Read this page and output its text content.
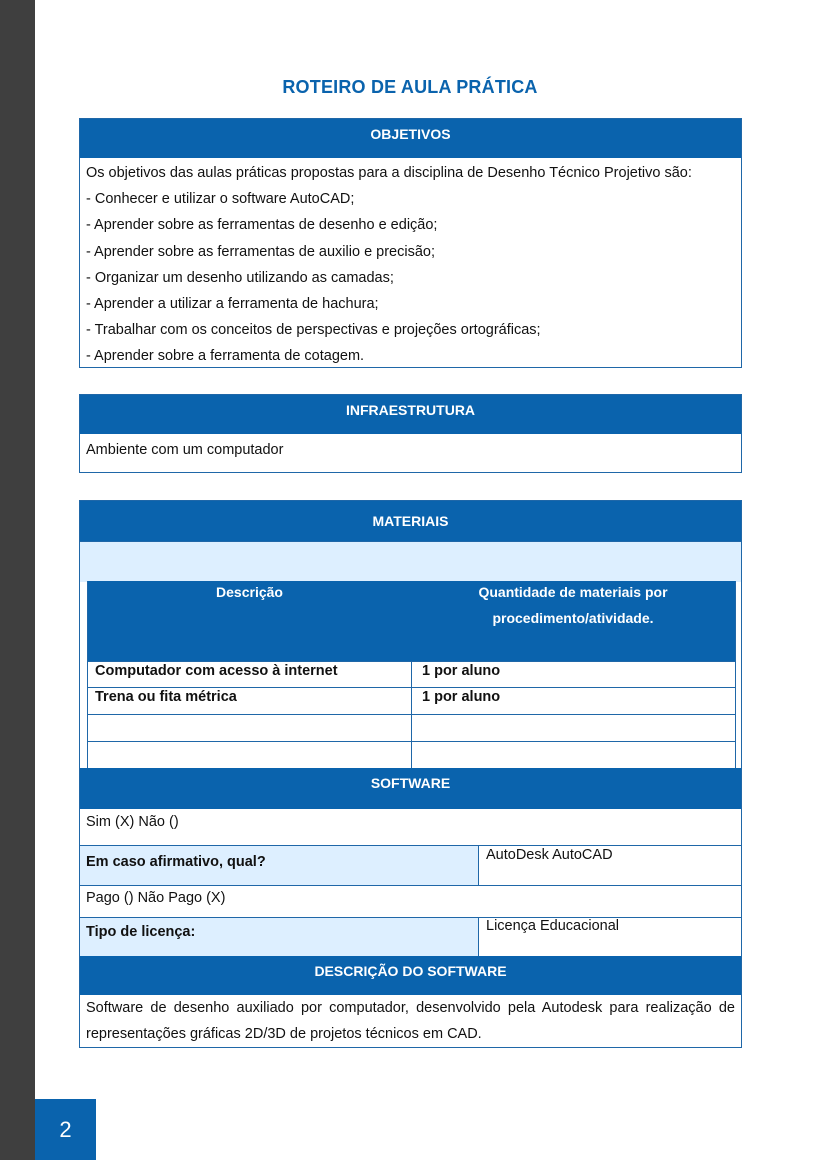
2
ROTEIRO DE AULA PRÁTICA
OBJETIVOS
Os objetivos das aulas práticas propostas para a disciplina de Desenho Técnico Projetivo são:
- Conhecer e utilizar o software AutoCAD;
- Aprender sobre as ferramentas de desenho e edição;
- Aprender sobre as ferramentas de auxilio e precisão;
- Organizar um desenho utilizando as camadas;
- Aprender a utilizar a ferramenta de hachura;
- Trabalhar com os conceitos de perspectivas e projeções ortográficas;
- Aprender sobre a ferramenta de cotagem.
INFRAESTRUTURA
Ambiente com um computador
MATERIAIS
Descrição	Quantidade de materiais por
procedimento/atividade.
Computador com acesso à internet	1 por aluno
Trena ou fita métrica	1 por aluno
SOFTWARE
Sim (X) Não ()
Em caso afirmativo, qual?	AutoDesk AutoCAD
Pago () Não Pago (X)
Tipo de licença:	Licença Educacional
DESCRIÇÃO DO SOFTWARE
Software de desenho auxiliado por computador, desenvolvido pela Autodesk para realização de
representações gráficas 2D/3D de projetos técnicos em CAD.
